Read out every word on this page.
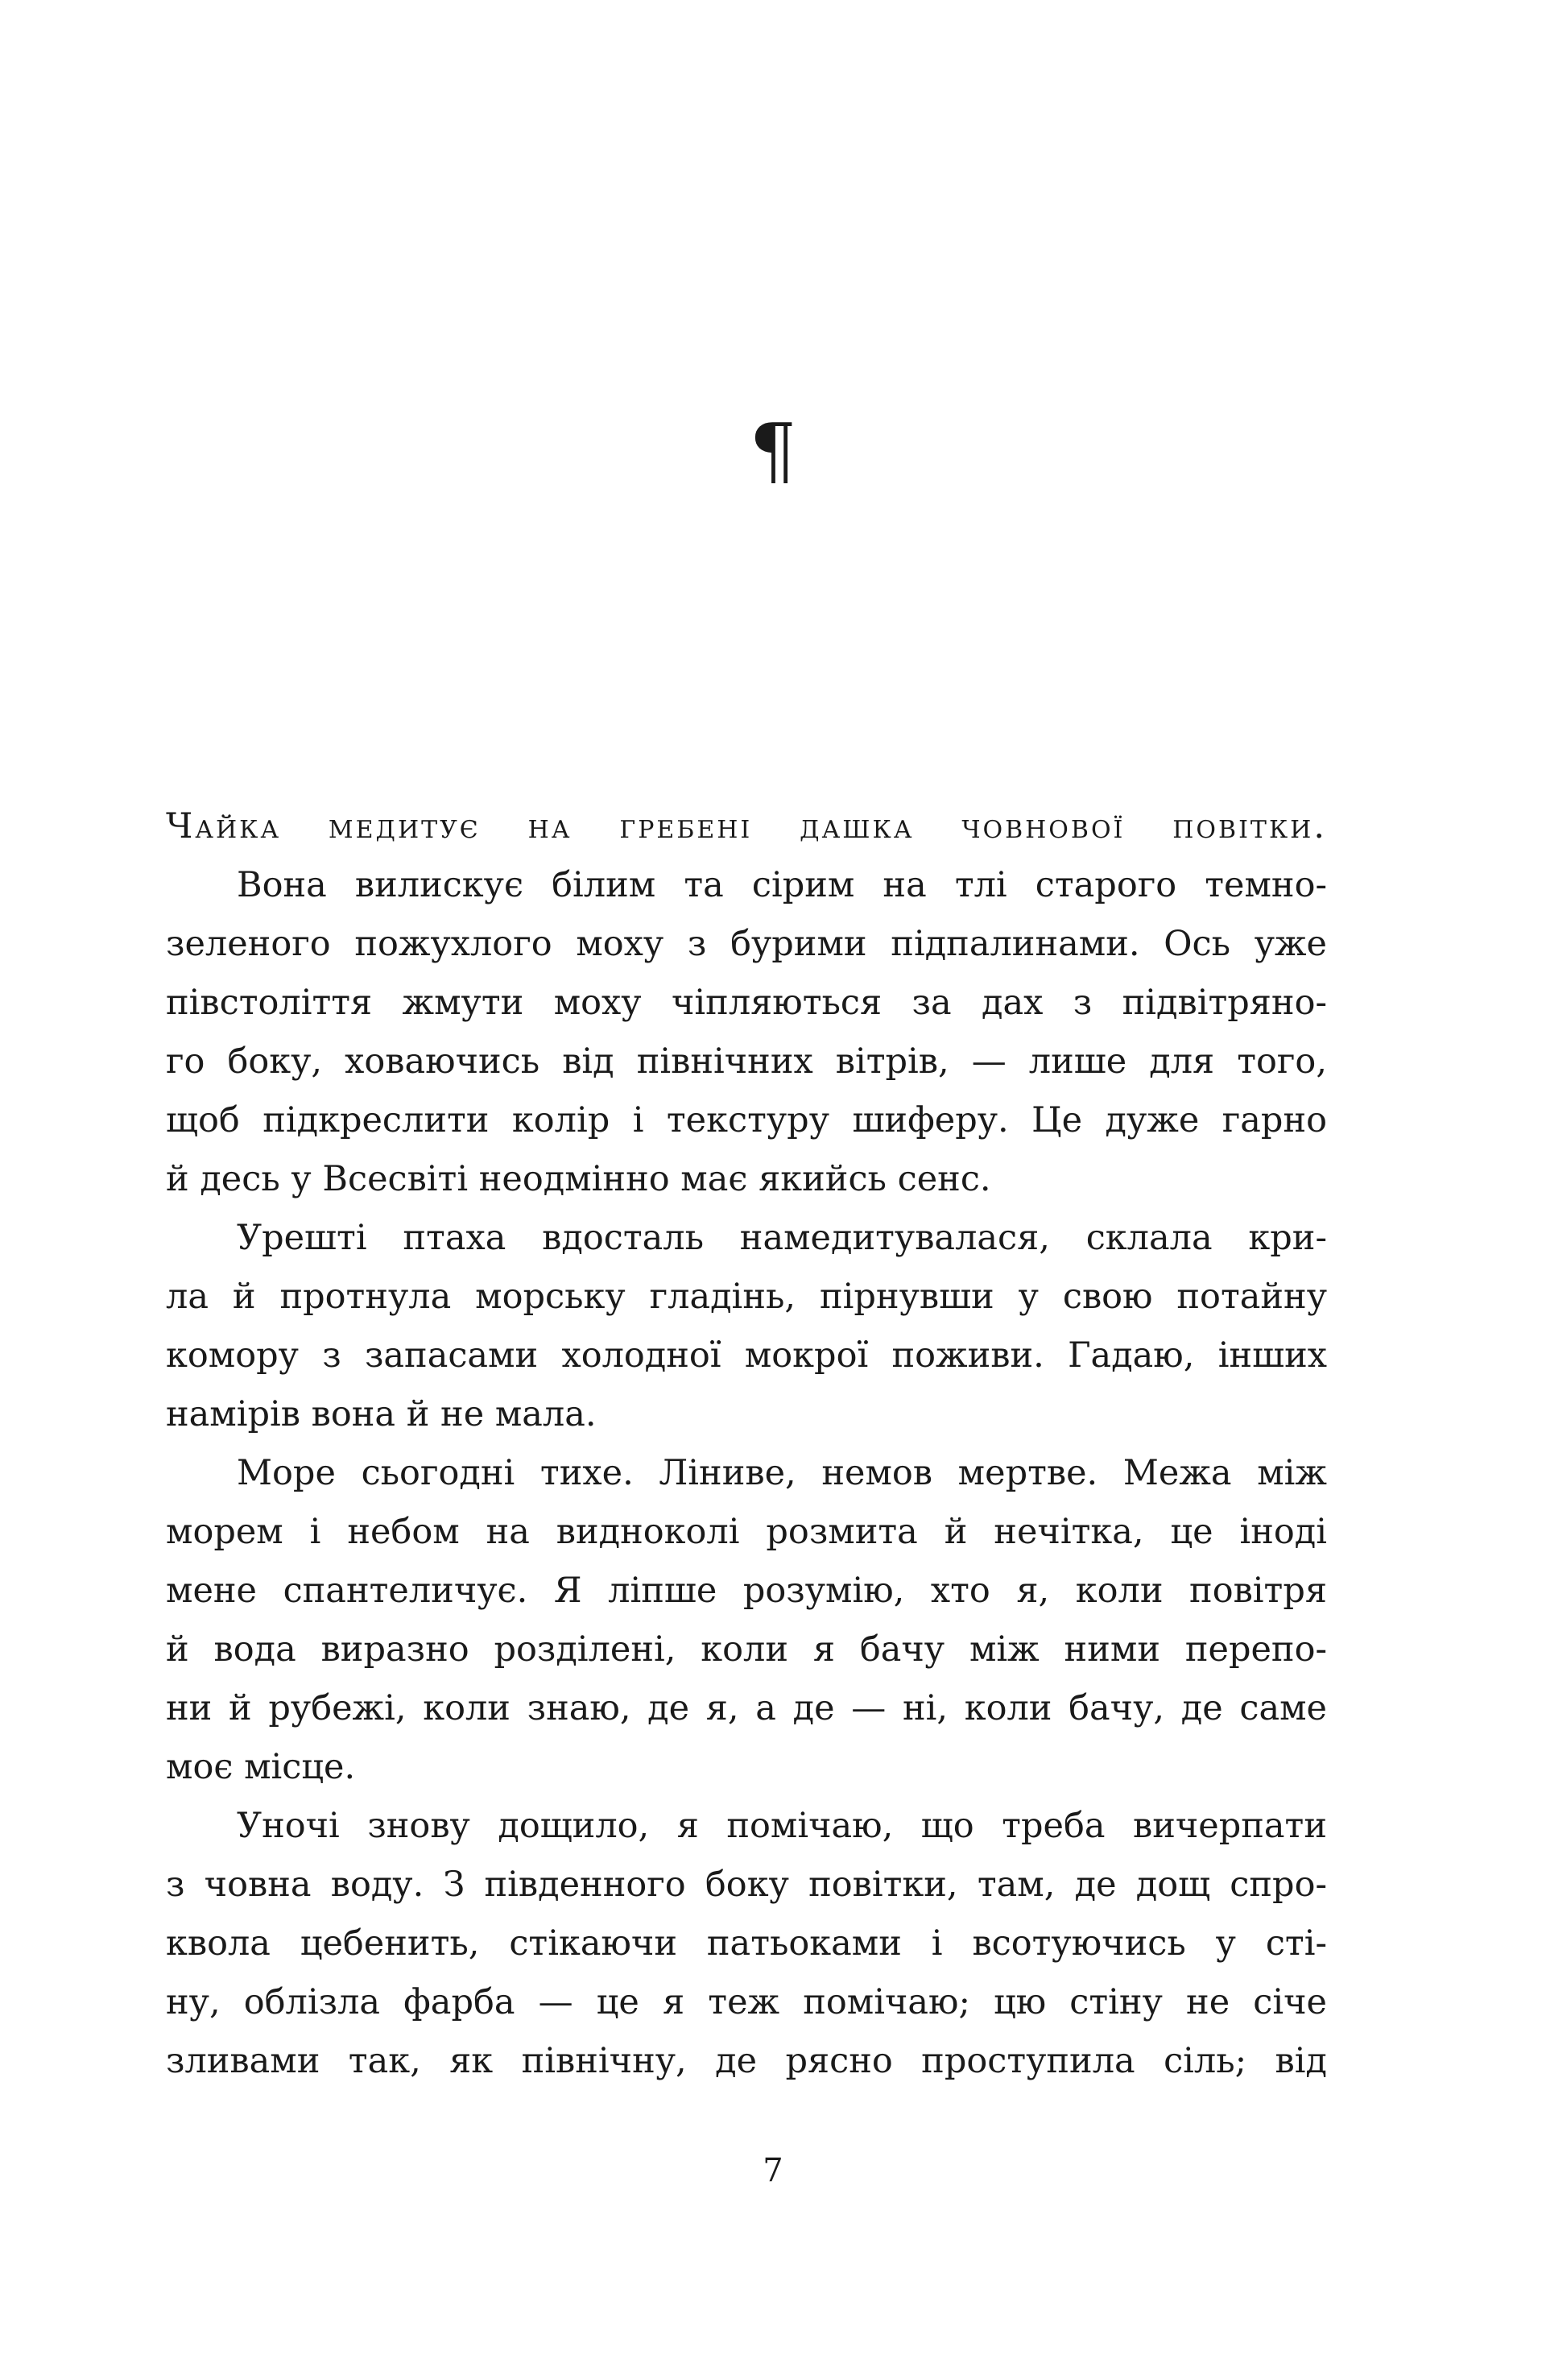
¶
Чайка медитує на гребені дашка човнової повітки.
Вона вилискує білим та сірим на тлі старого темно-
зеленого пожухлого моху з бурими підпалинами. Ось уже
півстоліття жмути моху чіпляються за дах з підвітряно-
го боку, ховаючись від північних вітрів, — лише для того,
щоб підкреслити колір і текстуру шиферу. Це дуже гарно
й десь у Всесвіті неодмінно має якийсь сенс.
Урешті птаха вдосталь намедитувалася, склала кри-
ла й протнула морську гладінь, пірнувши у свою потайну
комору з запасами холодної мокрої поживи. Гадаю, інших
намірів вона й не мала.
Море сьогодні тихе. Ліниве, немов мертве. Межа між
морем і небом на видноколі розмита й нечітка, це іноді
мене спантеличує. Я ліпше розумію, хто я, коли повітря
й вода виразно розділені, коли я бачу між ними перепо-
ни й рубежі, коли знаю, де я, а де — ні, коли бачу, де саме
моє місце.
Уночі знову дощило, я помічаю, що треба вичерпати
з човна воду. З південного боку повітки, там, де дощ спро-
квола цебенить, стікаючи патьоками і всотуючись у сті-
ну, облізла фарба — це я теж помічаю; цю стіну не січе
зливами так, як північну, де рясно проступила сіль; від
7
